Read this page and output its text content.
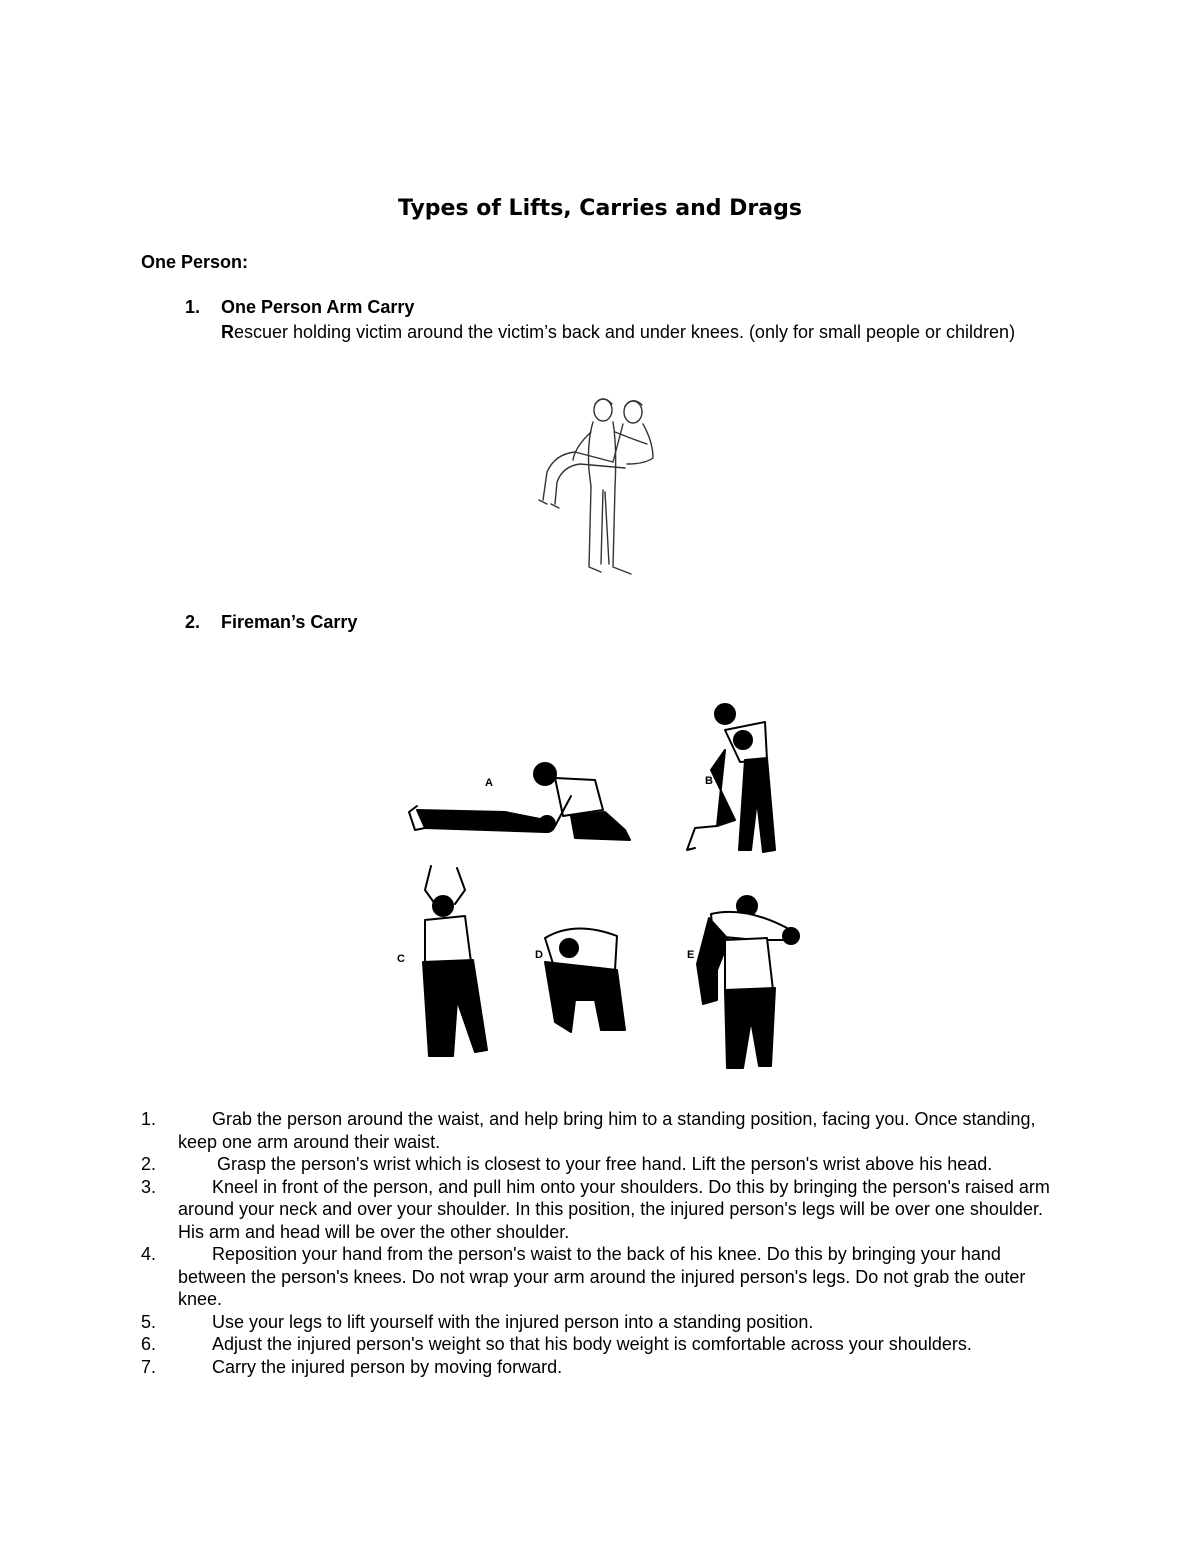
Types of Lifts, Carries and Drags
One Person:
1. One Person Arm Carry
Rescuer holding victim around the victim’s back and under knees. (only for small people or children)
2. Fireman’s Carry
A	B
C	D	E
1.	Grab the person around the waist, and help bring him to a standing position, facing you. Once standing, keep one arm around their waist.
2.	Grasp the person's wrist which is closest to your free hand. Lift the person's wrist above his head.
3.	Kneel in front of the person, and pull him onto your shoulders. Do this by bringing the person's raised arm around your neck and over your shoulder. In this position, the injured person's legs will be over one shoulder. His arm and head will be over the other shoulder.
4.	Reposition your hand from the person's waist to the back of his knee. Do this by bringing your hand between the person's knees. Do not wrap your arm around the injured person's legs. Do not grab the outer knee.
5.	Use your legs to lift yourself with the injured person into a standing position.
6.	Adjust the injured person's weight so that his body weight is comfortable across your shoulders.
7.	Carry the injured person by moving forward.
